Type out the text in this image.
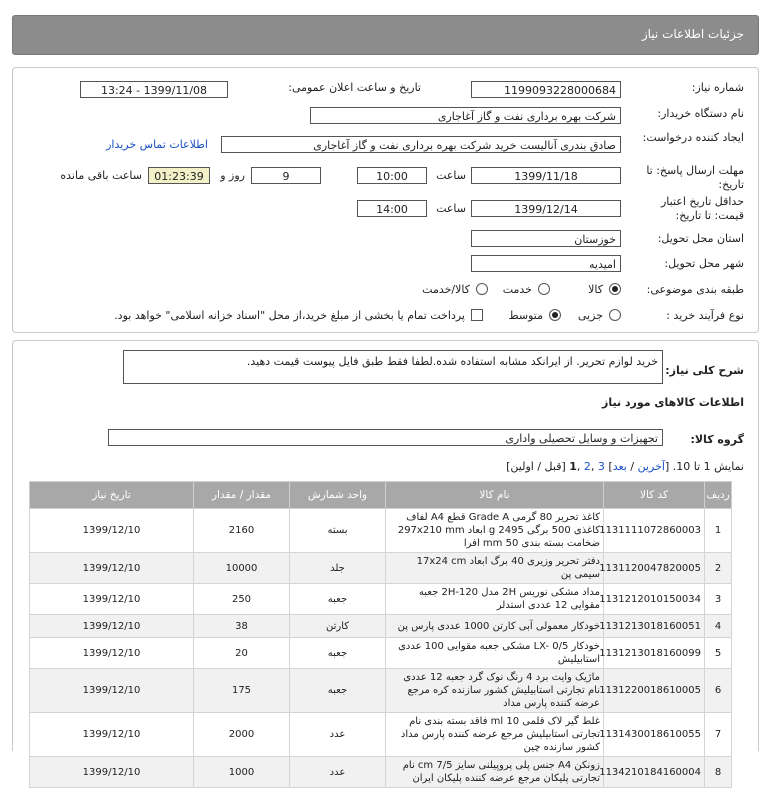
جزئیات اطلاعات نیاز
شماره نیاز:
1199093228000684
تاریخ و ساعت اعلان عمومی:
1399/11/08 - 13:24
نام دستگاه خریدار:
شرکت بهره برداری نفت و گاز آغاجاری
ایجاد کننده درخواست:
صادق بندری آنالیست خرید شرکت بهره برداری نفت و گاز آغاجاری
اطلاعات تماس خریدار
مهلت ارسال پاسخ: تا تاریخ:
1399/11/18
ساعت
10:00
9
روز و
01:23:39
ساعت باقی مانده
حداقل تاریخ اعتبار قیمت: تا تاریخ:
1399/12/14
ساعت
14:00
استان محل تحویل:
خوزستان
شهر محل تحویل:
امیدیه
طبقه بندی موضوعی:
کالا
خدمت
کالا/خدمت
نوع فرآیند خرید :
جزیی
متوسط
پرداخت تمام یا بخشی از مبلغ خرید،از محل "اسناد خزانه اسلامی" خواهد بود.
شرح کلی نیاز:
خرید لوازم تحریر. از ایرانکد مشابه استفاده شده.لطفا فقط طبق فایل پیوست قیمت دهید.
اطلاعات کالاهای مورد نیاز
گروه کالا:
تجهیزات و وسایل تحصیلی واداری
نمایش 1 تا 10. [آخرین / بعد] 3 ,2 ,1 [قبل / اولین]
ردیف	کد کالا	نام کالا	واحد شمارش	مقدار / مقدار	تاریخ نیاز
1	1131111072860003	کاغذ تحریر 80 گرمی Grade A قطع A4 لفاف کاغذی 500 برگی 2495 g ابعاد 297x210 mm ضخامت بسته بندی 50 mm افرا	بسته	2160	1399/12/10
2	1131120047820005	دفتر تحریر وزیری 40 برگ ابعاد 17x24 cm سیمی پن	جلد	10000	1399/12/10
3	1131212010150034	مداد مشکی نوریس 2H مدل 120-2H جعبه مقوایی 12 عددی استدلر	جعبه	250	1399/12/10
4	1131213018160051	خودکار معمولی آبی کارتن 1000 عددی پارس پن	کارتن	38	1399/12/10
5	1131213018160099	خودکار LX- 0/5 مشکی جعبه مقوایی 100 عددی استابیلیش	جعبه	20	1399/12/10
6	1131220018610005	ماژیک وایت برد 4 رنگ نوک گرد جعبه 12 عددی نام تجارتی استابیلیش کشور سازنده کره مرجع عرضه کننده پارس مداد	جعبه	175	1399/12/10
7	1131430018610055	غلط گیر لاک قلمی ml 10 فاقد بسته بندی نام تجارتی استابیلیش مرجع عرضه کننده پارس مداد کشور سازنده چین	عدد	2000	1399/12/10
8	1134210184160004	زونکن A4 جنس پلی پروپیلنی سایز cm 7/5 نام تجارتی پلیکان مرجع عرضه کننده پلیکان ایران	عدد	1000	1399/12/10
